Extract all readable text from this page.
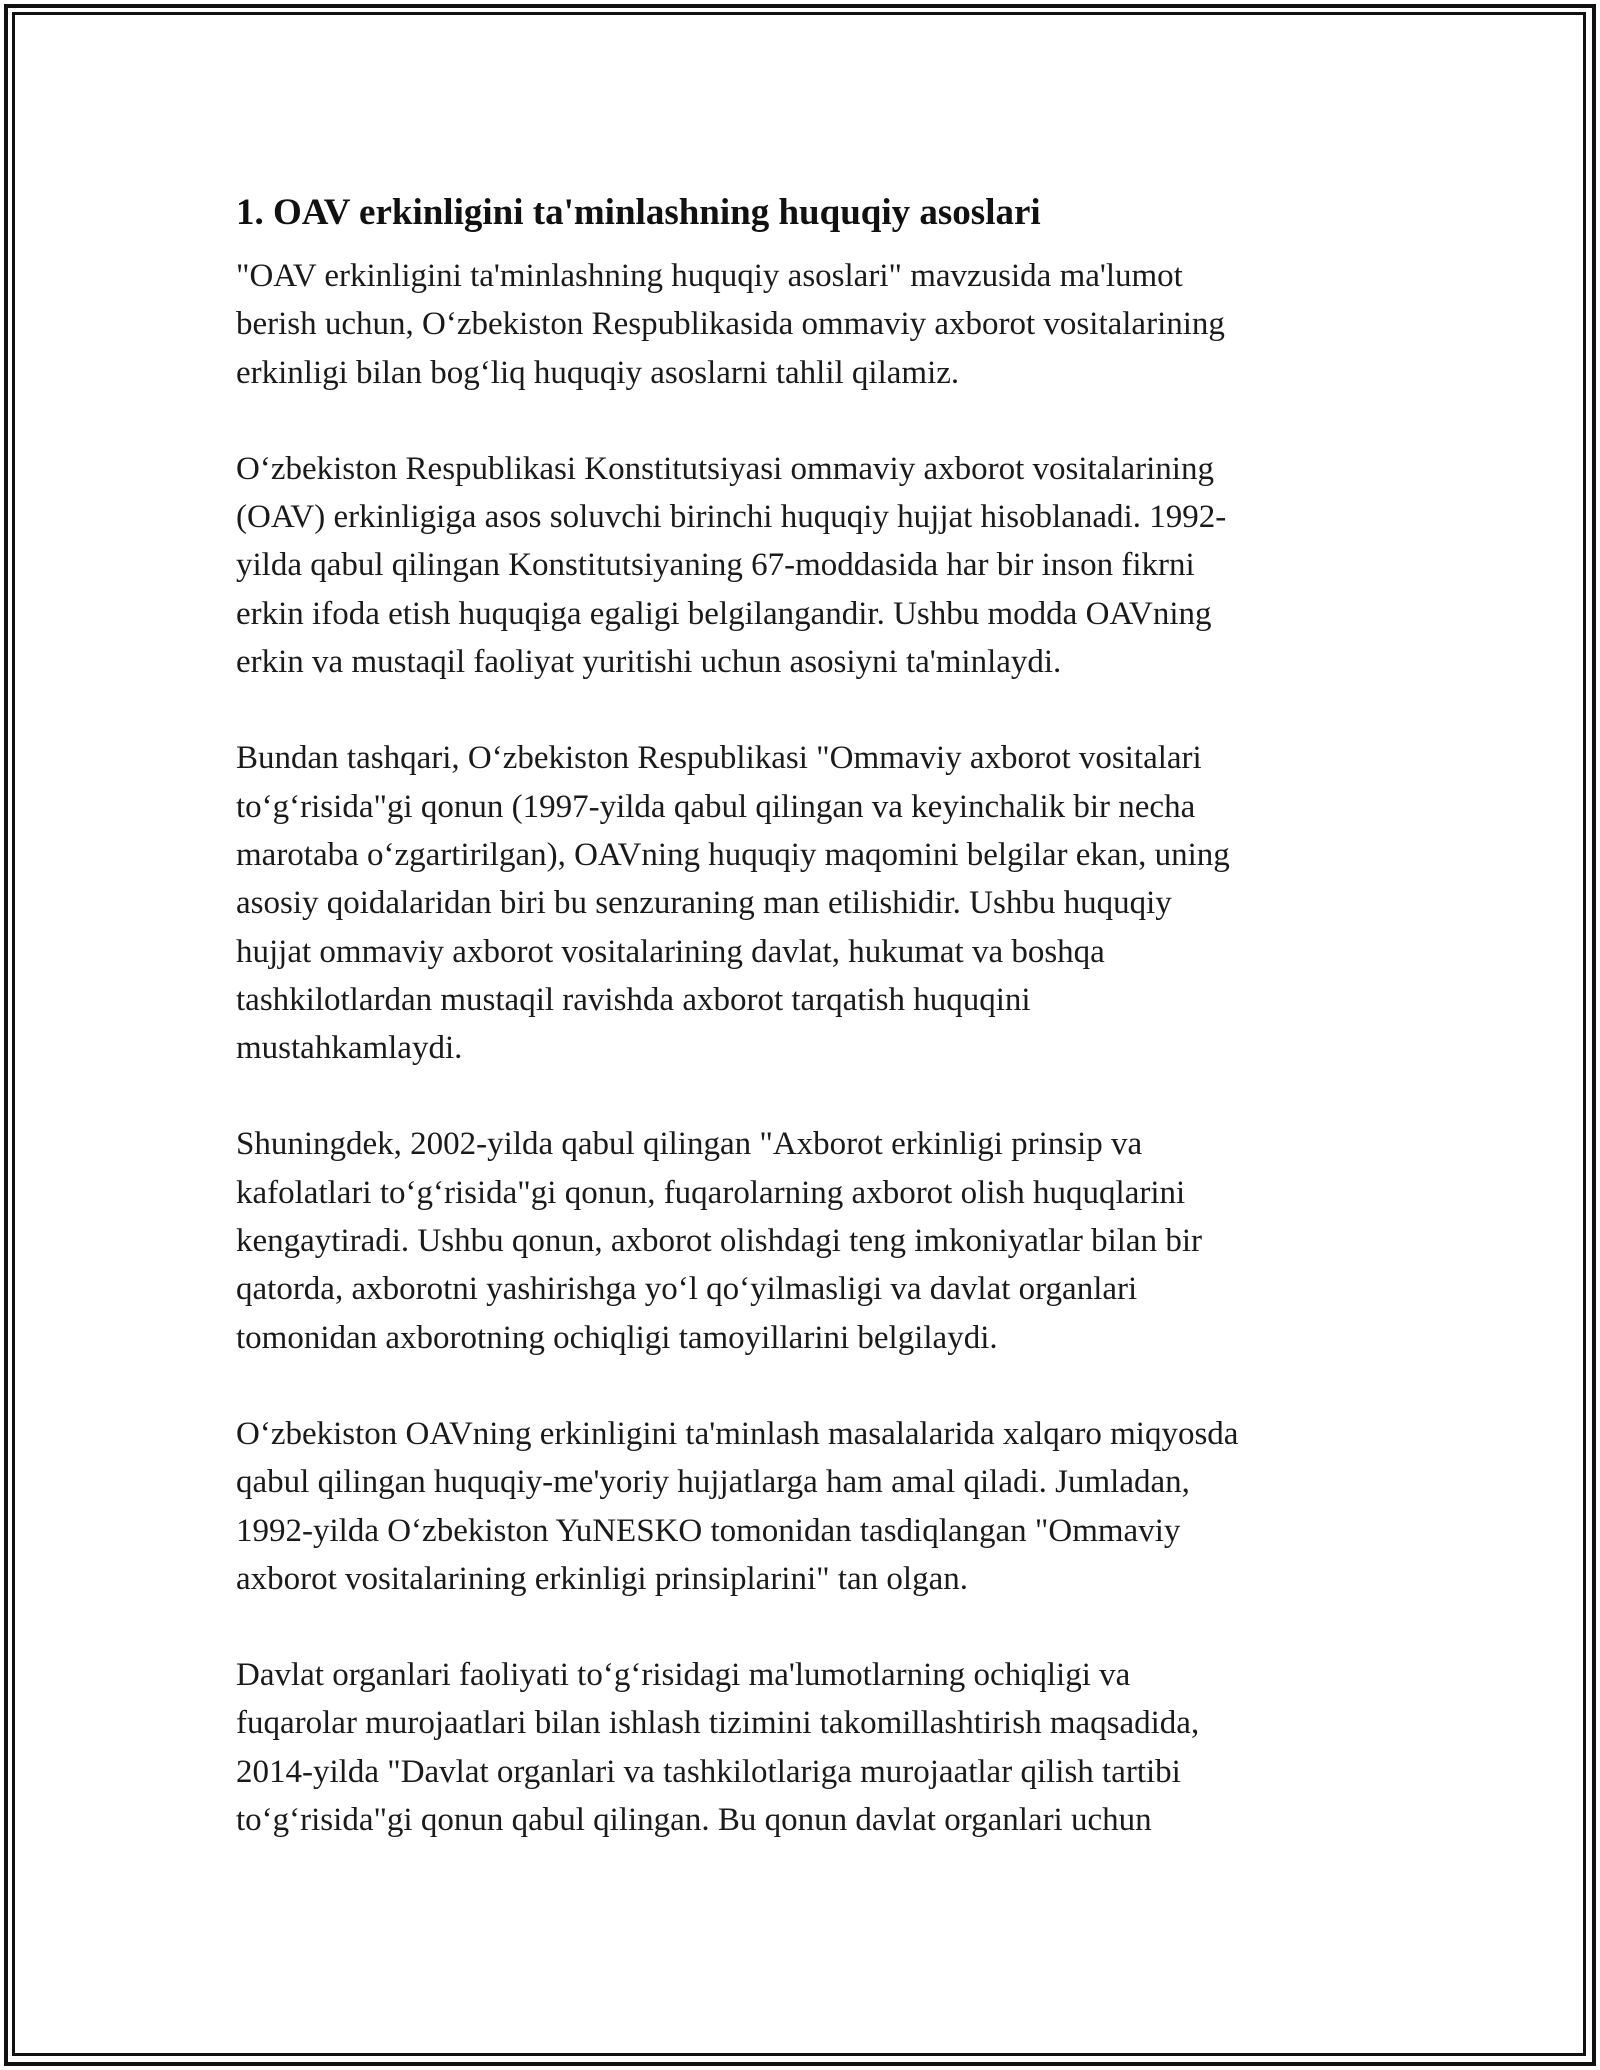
1. OAV erkinligini ta'minlashning huquqiy asoslari

"OAV erkinligini ta'minlashning huquqiy asoslari" mavzusida ma'lumot
berish uchun, O‘zbekiston Respublikasida ommaviy axborot vositalarining
erkinligi bilan bog‘liq huquqiy asoslarni tahlil qilamiz.

O‘zbekiston Respublikasi Konstitutsiyasi ommaviy axborot vositalarining
(OAV) erkinligiga asos soluvchi birinchi huquqiy hujjat hisoblanadi. 1992-
yilda qabul qilingan Konstitutsiyaning 67-moddasida har bir inson fikrni
erkin ifoda etish huquqiga egaligi belgilangandir. Ushbu modda OAVning
erkin va mustaqil faoliyat yuritishi uchun asosiyni ta'minlaydi.

Bundan tashqari, O‘zbekiston Respublikasi "Ommaviy axborot vositalari
to‘g‘risida"gi qonun (1997-yilda qabul qilingan va keyinchalik bir necha
marotaba o‘zgartirilgan), OAVning huquqiy maqomini belgilar ekan, uning
asosiy qoidalaridan biri bu senzuraning man etilishidir. Ushbu huquqiy
hujjat ommaviy axborot vositalarining davlat, hukumat va boshqa
tashkilotlardan mustaqil ravishda axborot tarqatish huquqini
mustahkamlaydi.

Shuningdek, 2002-yilda qabul qilingan "Axborot erkinligi prinsip va
kafolatlari to‘g‘risida"gi qonun, fuqarolarning axborot olish huquqlarini
kengaytiradi. Ushbu qonun, axborot olishdagi teng imkoniyatlar bilan bir
qatorda, axborotni yashirishga yo‘l qo‘yilmasligi va davlat organlari
tomonidan axborotning ochiqligi tamoyillarini belgilaydi.

O‘zbekiston OAVning erkinligini ta'minlash masalalarida xalqaro miqyosda
qabul qilingan huquqiy-me'yoriy hujjatlarga ham amal qiladi. Jumladan,
1992-yilda O‘zbekiston YuNESKO tomonidan tasdiqlangan "Ommaviy
axborot vositalarining erkinligi prinsiplarini" tan olgan.

Davlat organlari faoliyati to‘g‘risidagi ma'lumotlarning ochiqligi va
fuqarolar murojaatlari bilan ishlash tizimini takomillashtirish maqsadida,
2014-yilda "Davlat organlari va tashkilotlariga murojaatlar qilish tartibi
to‘g‘risida"gi qonun qabul qilingan. Bu qonun davlat organlari uchun
